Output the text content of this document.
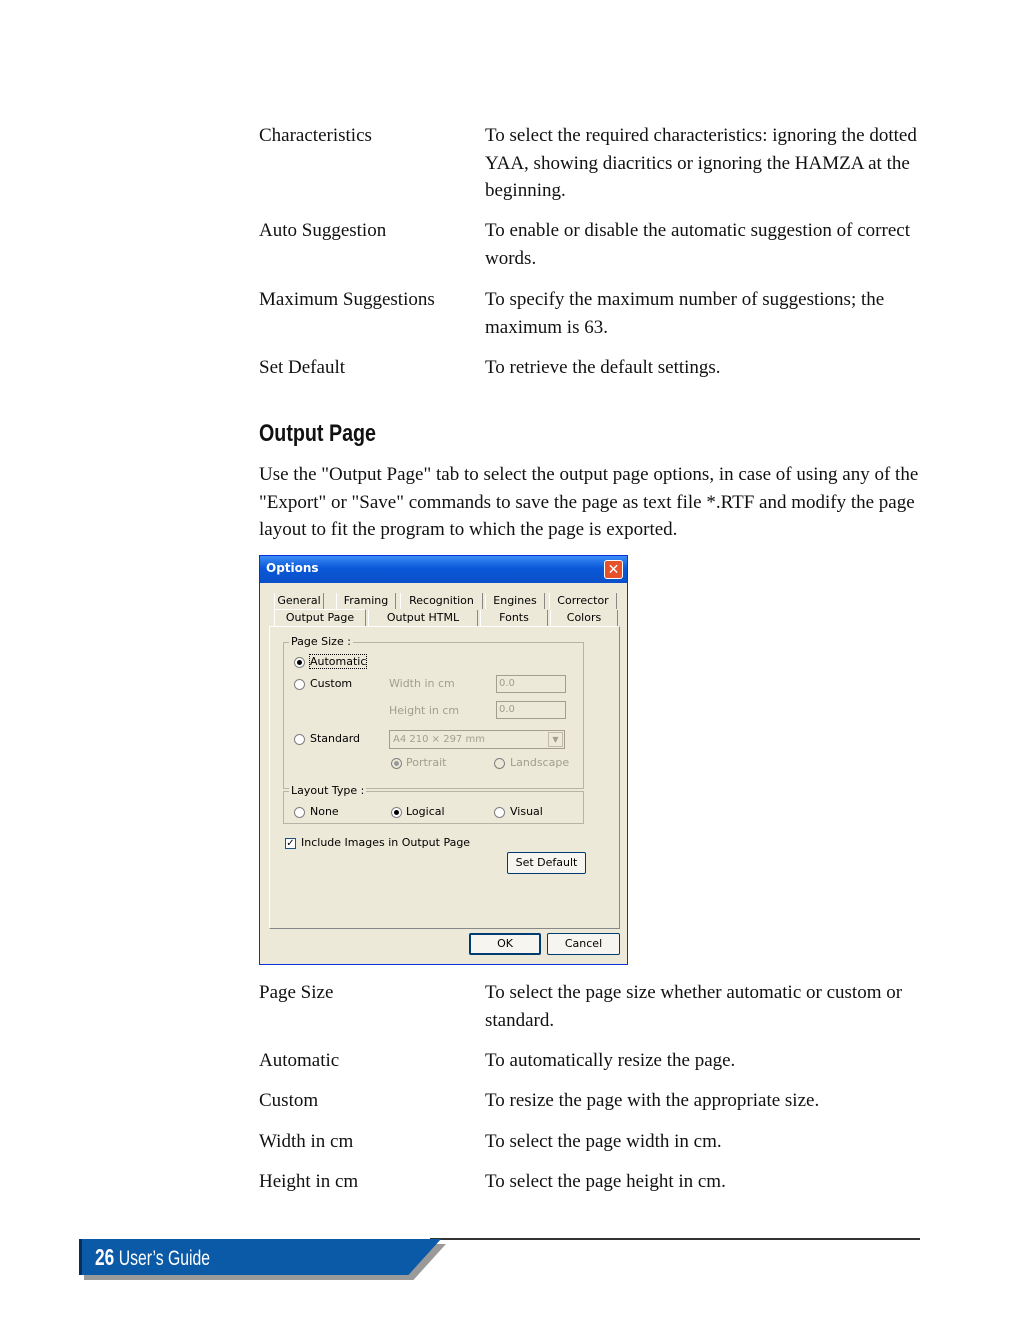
Characteristics	To select the required characteristics: ignoring the dotted YAA, showing diacritics or ignoring the HAMZA at the beginning.
Auto Suggestion	To enable or disable the automatic suggestion of correct words.
Maximum Suggestions	To specify the maximum number of suggestions; the maximum is 63.
Set Default	To retrieve the default settings.
Output Page
Use the "Output Page" tab to select the output page options, in case of using any of the "Export" or "Save" commands to save the page as text file *.RTF and modify the page layout to fit the program to which the page is exported.
Options	✕
General	Framing	Recognition	Engines	Corrector
Output Page	Output HTML	Fonts	Colors
Page Size :
Automatic
Custom	Width in cm	0.0
Height in cm	0.0
Standard	A4 210 × 297 mm	▼
Portrait	Landscape
Layout Type :
None	Logical	Visual
✓ Include Images in Output Page
Set Default
OK	Cancel
Page Size	To select the page size whether automatic or custom or standard.
Automatic	To automatically resize the page.
Custom	To resize the page with the appropriate size.
Width in cm	To select the page width in cm.
Height in cm	To select the page height in cm.
26 User’s Guide
